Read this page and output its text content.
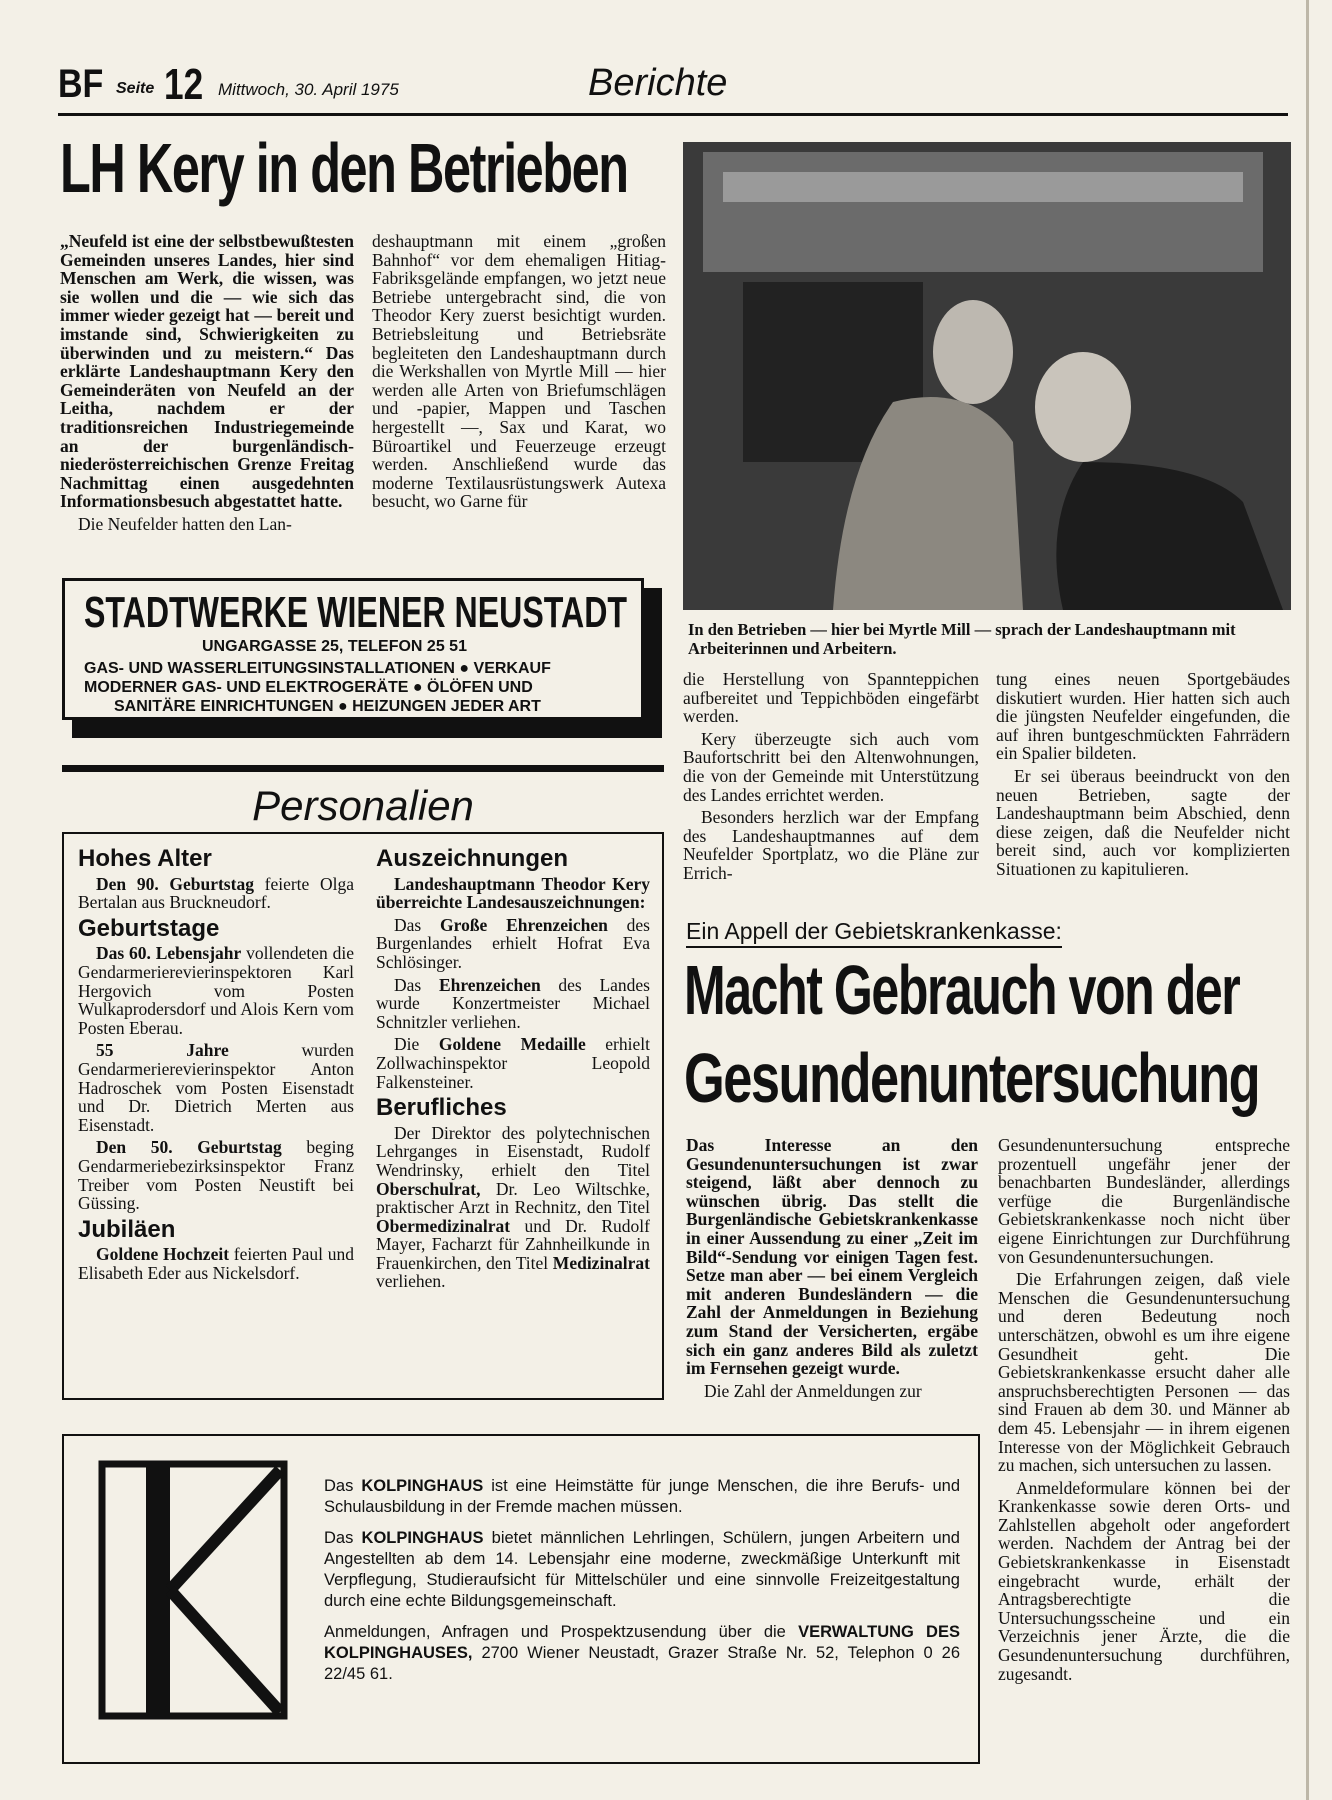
BF Seite 12 Mittwoch, 30. April 1975	Berichte
LH Kery in den Betrieben

„Neufeld ist eine der selbstbewußtesten Gemeinden unseres Landes, hier sind Menschen am Werk, die wissen, was sie wollen und die — wie sich das immer wieder gezeigt hat — bereit und imstande sind, Schwierigkeiten zu überwinden und zu meistern.“ Das erklärte Landeshauptmann Kery den Gemeinderäten von Neufeld an der Leitha, nachdem er der traditionsreichen Industriegemeinde an der burgenländisch-niederösterreichischen Grenze Freitag Nachmittag einen ausgedehnten Informationsbesuch abgestattet hatte.

Die Neufelder hatten den Lan-

deshauptmann mit einem „großen Bahnhof“ vor dem ehemaligen Hitiag-Fabriksgelände empfangen, wo jetzt neue Betriebe untergebracht sind, die von Theodor Kery zuerst besichtigt wurden. Betriebsleitung und Betriebsräte begleiteten den Landeshauptmann durch die Werkshallen von Myrtle Mill — hier werden alle Arten von Briefumschlägen und -papier, Mappen und Taschen hergestellt —, Sax und Karat, wo Büroartikel und Feuerzeuge erzeugt werden. Anschließend wurde das moderne Textilausrüstungswerk Autexa besucht, wo Garne für

In den Betrieben — hier bei Myrtle Mill — sprach der Landeshauptmann mit Arbeiterinnen und Arbeitern.
STADTWERKE WIENER NEUSTADT
UNGARGASSE 25, TELEFON 25 51
GAS- UND WASSERLEITUNGSINSTALLATIONEN ● VERKAUF
MODERNER GAS- UND ELEKTROGERÄTE ● ÖLÖFEN UND
SANITÄRE EINRICHTUNGEN ● HEIZUNGEN JEDER ART
Personalien
Hohes Alter

Den 90. Geburtstag feierte Olga Bertalan aus Bruckneudorf.

Geburtstage

Das 60. Lebensjahr vollendeten die Gendarmerierevierinspektoren Karl Hergovich vom Posten Wulkaprodersdorf und Alois Kern vom Posten Eberau.

55 Jahre wurden Gendarmerierevierinspektor Anton Hadroschek vom Posten Eisenstadt und Dr. Dietrich Merten aus Eisenstadt.

Den 50. Geburtstag beging Gendarmeriebezirksinspektor Franz Treiber vom Posten Neustift bei Güssing.

Jubiläen

Goldene Hochzeit feierten Paul und Elisabeth Eder aus Nickelsdorf.

Auszeichnungen

Landeshauptmann Theodor Kery überreichte Landesauszeichnungen:

Das Große Ehrenzeichen des Burgenlandes erhielt Hofrat Eva Schlösinger.

Das Ehrenzeichen des Landes wurde Konzertmeister Michael Schnitzler verliehen.

Die Goldene Medaille erhielt Zollwachinspektor Leopold Falkensteiner.

Berufliches

Der Direktor des polytechnischen Lehrganges in Eisenstadt, Rudolf Wendrinsky, erhielt den Titel Oberschulrat, Dr. Leo Wiltschke, praktischer Arzt in Rechnitz, den Titel Obermedizinalrat und Dr. Rudolf Mayer, Facharzt für Zahnheilkunde in Frauenkirchen, den Titel Medizinalrat verliehen.

die Herstellung von Spannteppichen aufbereitet und Teppichböden eingefärbt werden.

Kery überzeugte sich auch vom Baufortschritt bei den Altenwohnungen, die von der Gemeinde mit Unterstützung des Landes errichtet werden.

Besonders herzlich war der Empfang des Landeshauptmannes auf dem Neufelder Sportplatz, wo die Pläne zur Errich-

tung eines neuen Sportgebäudes diskutiert wurden. Hier hatten sich auch die jüngsten Neufelder eingefunden, die auf ihren buntgeschmückten Fahrrädern ein Spalier bildeten.

Er sei überaus beeindruckt von den neuen Betrieben, sagte der Landeshauptmann beim Abschied, denn diese zeigen, daß die Neufelder nicht bereit sind, auch vor komplizierten Situationen zu kapitulieren.

Ein Appell der Gebietskrankenkasse:
Macht Gebrauch von der
Gesundenuntersuchung

Das Interesse an den Gesundenuntersuchungen ist zwar steigend, läßt aber dennoch zu wünschen übrig. Das stellt die Burgenländische Gebietskrankenkasse in einer Aussendung zu einer „Zeit im Bild“-Sendung vor einigen Tagen fest. Setze man aber — bei einem Vergleich mit anderen Bundesländern — die Zahl der Anmeldungen in Beziehung zum Stand der Versicherten, ergäbe sich ein ganz anderes Bild als zuletzt im Fernsehen gezeigt wurde.

Die Zahl der Anmeldungen zur

Gesundenuntersuchung entspreche prozentuell ungefähr jener der benachbarten Bundesländer, allerdings verfüge die Burgenländische Gebietskrankenkasse noch nicht über eigene Einrichtungen zur Durchführung von Gesundenuntersuchungen.

Die Erfahrungen zeigen, daß viele Menschen die Gesundenuntersuchung und deren Bedeutung noch unterschätzen, obwohl es um ihre eigene Gesundheit geht. Die Gebietskrankenkasse ersucht daher alle anspruchsberechtigten Personen — das sind Frauen ab dem 30. und Männer ab dem 45. Lebensjahr — in ihrem eigenen Interesse von der Möglichkeit Gebrauch zu machen, sich untersuchen zu lassen.

Anmeldeformulare können bei der Krankenkasse sowie deren Orts- und Zahlstellen abgeholt oder angefordert werden. Nachdem der Antrag bei der Gebietskrankenkasse in Eisenstadt eingebracht wurde, erhält der Antragsberechtigte die Untersuchungsscheine und ein Verzeichnis jener Ärzte, die die Gesundenuntersuchung durchführen, zugesandt.

Das KOLPINGHAUS ist eine Heimstätte für junge Menschen, die ihre Berufs- und Schulausbildung in der Fremde machen müssen.

Das KOLPINGHAUS bietet männlichen Lehrlingen, Schülern, jungen Arbeitern und Angestellten ab dem 14. Lebensjahr eine moderne, zweckmäßige Unterkunft mit Verpflegung, Studieraufsicht für Mittelschüler und eine sinnvolle Freizeitgestaltung durch eine echte Bildungsgemeinschaft.

Anmeldungen, Anfragen und Prospektzusendung über die VERWALTUNG DES KOLPINGHAUSES, 2700 Wiener Neustadt, Grazer Straße Nr. 52, Telephon 0 26 22/45 61.
